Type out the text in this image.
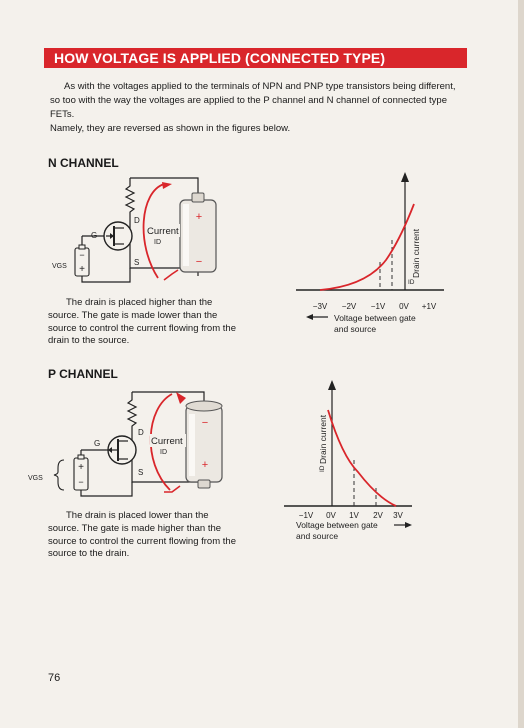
HOW VOLTAGE IS APPLIED (CONNECTED TYPE)

As with the voltages applied to the terminals of NPN and PNP type transistors being different, so too with the way the voltages are applied to the P channel and N channel of connected type FETs.

Namely, they are reversed as shown in the figures below.

N CHANNEL
−
+
VGS
+
−
G
D
S
Current
ID
The drain is placed higher than the
source. The gate is made lower than the
source to control the current flowing from the
drain to the source.
Drain current
ID
−3V −2V −1V 0V +1V
Voltage between gate
and source
P CHANNEL
+
−
VGS
−
+
G
D
S
Current
ID
The drain is placed lower than the
source. The gate is made higher than the
source to control the current flowing from the
source to the drain.
Drain current
ID
−1V 0V 1V 2V 3V
Voltage between gate
and source
76
